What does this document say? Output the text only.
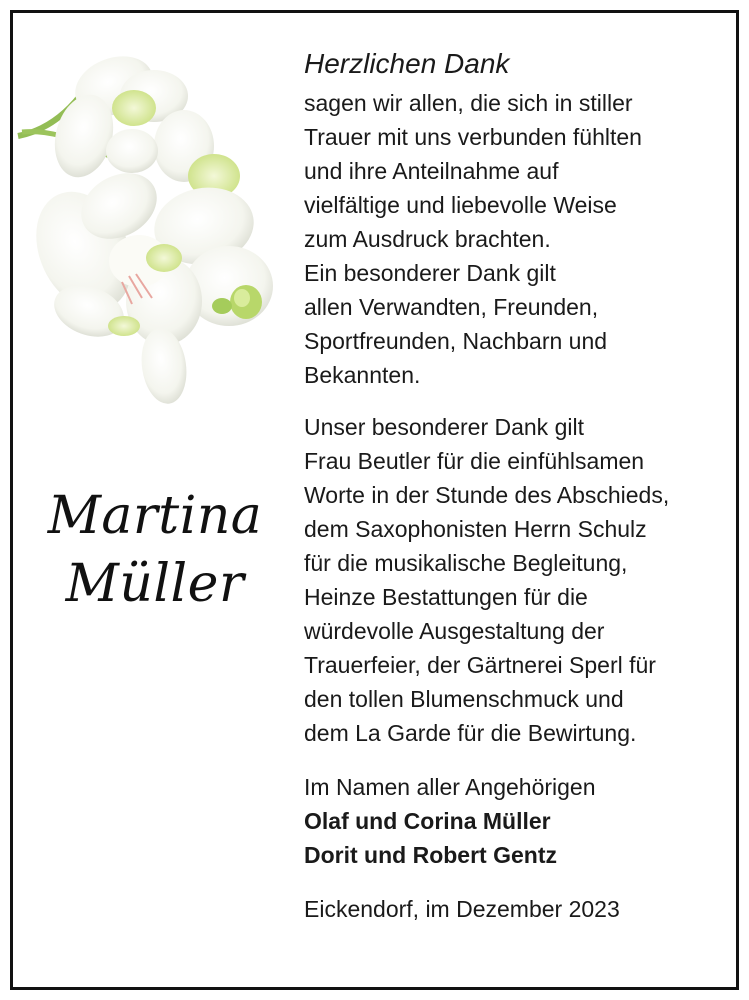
Martina
Müller
Herzlichen Dank
sagen wir allen, die sich in stiller
Trauer mit uns verbunden fühlten
und ihre Anteilnahme auf
vielfältige und liebevolle Weise
zum Ausdruck brachten.
Ein besonderer Dank gilt
allen Verwandten, Freunden,
Sportfreunden, Nachbarn und
Bekannten.
Unser besonderer Dank gilt
Frau Beutler für die einfühlsamen
Worte in der Stunde des Abschieds,
dem Saxophonisten Herrn Schulz
für die musikalische Begleitung,
Heinze Bestattungen für die
würdevolle Ausgestaltung der
Trauerfeier, der Gärtnerei Sperl für
den tollen Blumenschmuck und
dem La Garde für die Bewirtung.
Im Namen aller Angehörigen
Olaf und Corina Müller
Dorit und Robert Gentz
Eickendorf, im Dezember 2023
